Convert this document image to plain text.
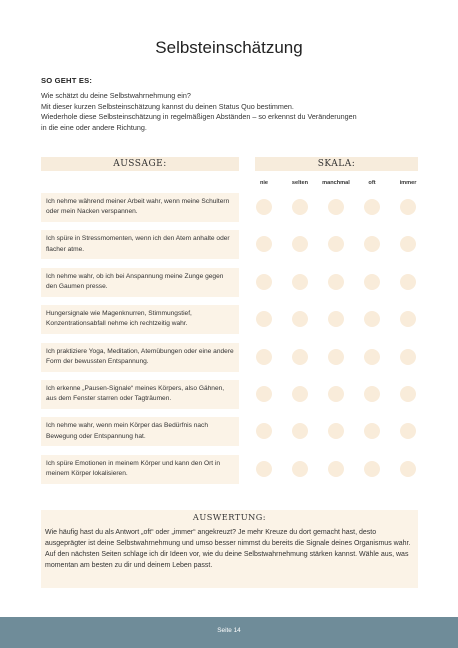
Selbsteinschätzung
SO GEHT ES:

Wie schätzt du deine Selbstwahrnehmung ein?

Mit dieser kurzen Selbsteinschätzung kannst du deinen Status Quo bestimmen.

Wiederhole diese Selbsteinschätzung in regelmäßigen Abständen – so erkennst du Veränderungen

in die eine oder andere Richtung.

AUSSAGE:	SKALA:
nie	selten	manchmal	oft	immer
Ich nehme während meiner Arbeit wahr, wenn meine Schultern oder mein Nacken verspannen.
Ich spüre in Stressmomenten, wenn ich den Atem anhalte oder flacher atme.
Ich nehme wahr, ob ich bei Anspannung meine Zunge gegen den Gaumen presse.
Hungersignale wie Magenknurren, Stimmungstief, Konzentrationsabfall nehme ich rechtzeitig wahr.
Ich praktiziere Yoga, Meditation, Atemübungen oder eine andere Form der bewussten Entspannung.
Ich erkenne „Pausen-Signale“ meines Körpers, also Gähnen, aus dem Fenster starren oder Tagträumen.
Ich nehme wahr, wenn mein Körper das Bedürfnis nach Bewegung oder Entspannung hat.
Ich spüre Emotionen in meinem Körper und kann den Ort in meinem Körper lokalisieren.
AUSWERTUNG:
Wie häufig hast du als Antwort „oft“ oder „immer“ angekreuzt? Je mehr Kreuze du dort gemacht hast, desto ausgeprägter ist deine Selbstwahrnehmung und umso besser nimmst du bereits die Signale deines Organismus wahr. Auf den nächsten Seiten schlage ich dir Ideen vor, wie du deine Selbstwahrnehmung stärken kannst. Wähle aus, was momentan am besten zu dir und deinem Leben passt.
Seite 14
